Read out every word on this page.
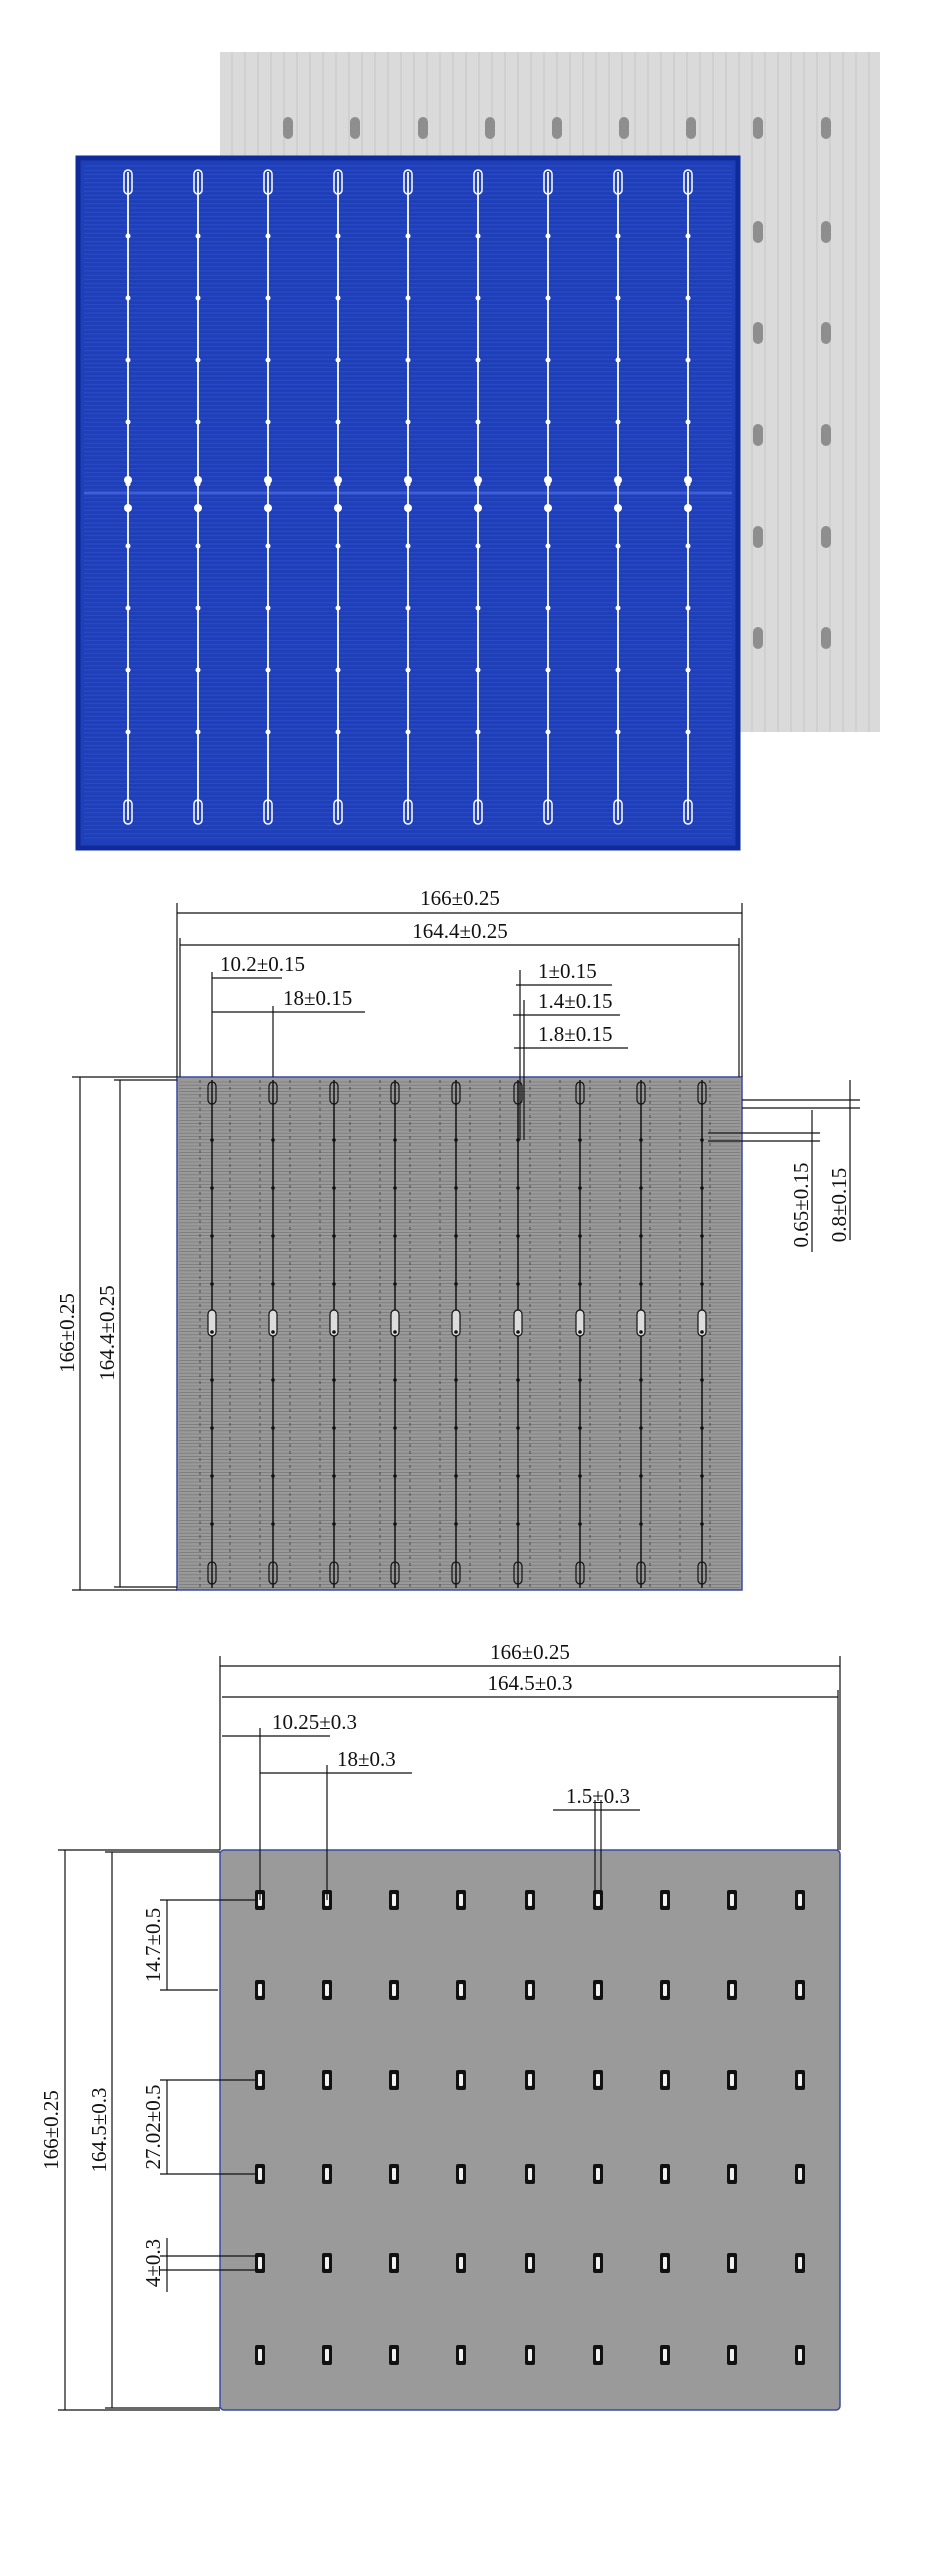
166±0.25
164.4±0.25
10.2±0.15
18±0.15
1±0.15
1.4±0.15
1.8±0.15
0.8±0.15
0.65±0.15
166±0.25 164.4±0.25
166±0.25
164.5±0.3
10.25±0.3
18±0.3
1.5±0.3
14.7±0.5
27.02±0.5
4±0.3
166±0.25 164.5±0.3
